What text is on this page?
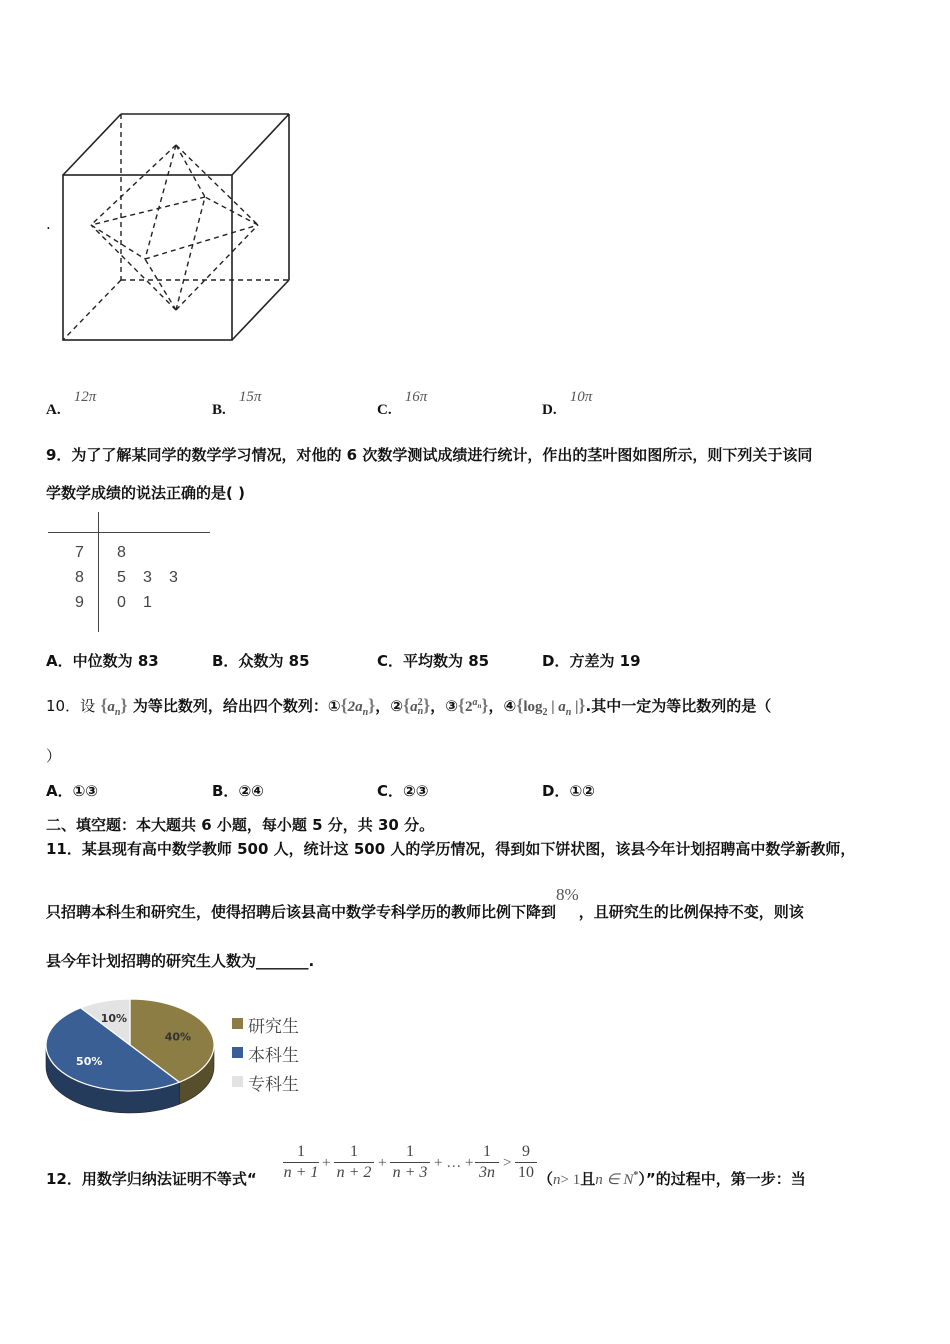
.
A. 12π
B. 15π
C. 16π
D. 10π
9．为了了解某同学的数学学习情况，对他的 6 次数学测试成绩进行统计，作出的茎叶图如图所示，则下列关于该同
学数学成绩的说法正确的是( )
7 8
8 5 3 3
9 0 1
A．中位数为 83	B．众数为 85	C．平均数为 85	D．方差为 19
10．设 $\{a_n\}$ 为等比数列，给出四个数列：$①\{2a_n\}$，②{a 2
n }，$③\{2^{a_n}\}$，$④\{\log_2$ | $a_n$ |}.其中一定为等比数列的是（
）
A．①③	B．②④	C．②③	D．①②
二、填空题：本大题共 6 小题，每小题 5 分，共 30 分。
11．某县现有高中数学教师 500 人，统计这 500 人的学历情况，得到如下饼状图，该县今年计划招聘高中数学新教师，
只招聘本科生和研究生，使得招聘后该县高中数学专科学历的教师比例下降到8%，且研究生的比例保持不变，则该
县今年计划招聘的研究生人数为_______.
40%
50%
10%	研究生
本科生
专科生
12．用数学归纳法证明不等式“
1
n + 1
+
1
n + 2
+
1
n + 3
+ … +
1
3n
>
9
10 （n> 1且n ∈ N*）”的过程中，第一步：当
